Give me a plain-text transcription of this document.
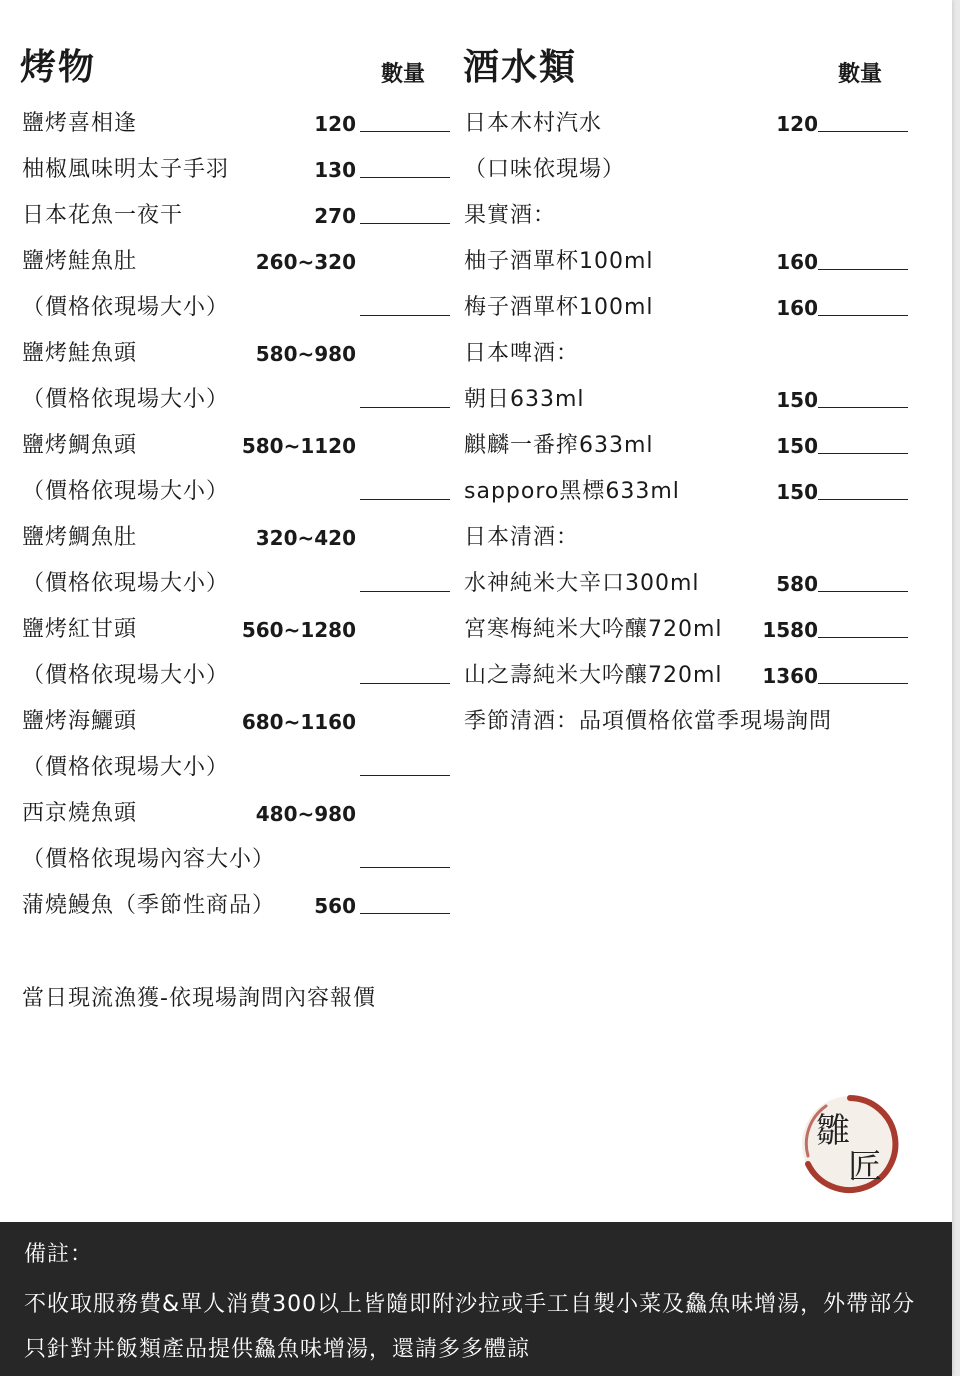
烤物	數量 酒水類	數量
鹽烤喜相逢	120
柚椒風味明太子手羽	130
日本花魚一夜干	270
鹽烤鮭魚肚	260~320
（價格依現場大小）
鹽烤鮭魚頭	580~980
（價格依現場大小）
鹽烤鯛魚頭	580~1120
（價格依現場大小）
鹽烤鯛魚肚	320~420
（價格依現場大小）
鹽烤紅甘頭	560~1280
（價格依現場大小）
鹽烤海鱺頭	680~1160
（價格依現場大小）
西京燒魚頭	480~980
（價格依現場內容大小）
蒲燒鰻魚（季節性商品） 560
日本木村汽水	120
（口味依現場）
果實酒：
柚子酒單杯100ml	160
梅子酒單杯100ml	160
日本啤酒：
朝日633ml	150
麒麟一番搾633ml	150
sapporo黑標633ml	150
日本清酒：
水神純米大辛口300ml	580
宮寒梅純米大吟釀720ml 1580
山之壽純米大吟釀720ml 1360
季節清酒：品項價格依當季現場詢問
當日現流漁獲-依現場詢問內容報價
雛
匠
備註：
不收取服務費&單人消費300以上皆隨即附沙拉或手工自製小菜及鱻魚味增湯，外帶部分只針對丼飯類產品提供鱻魚味增湯，還請多多體諒
